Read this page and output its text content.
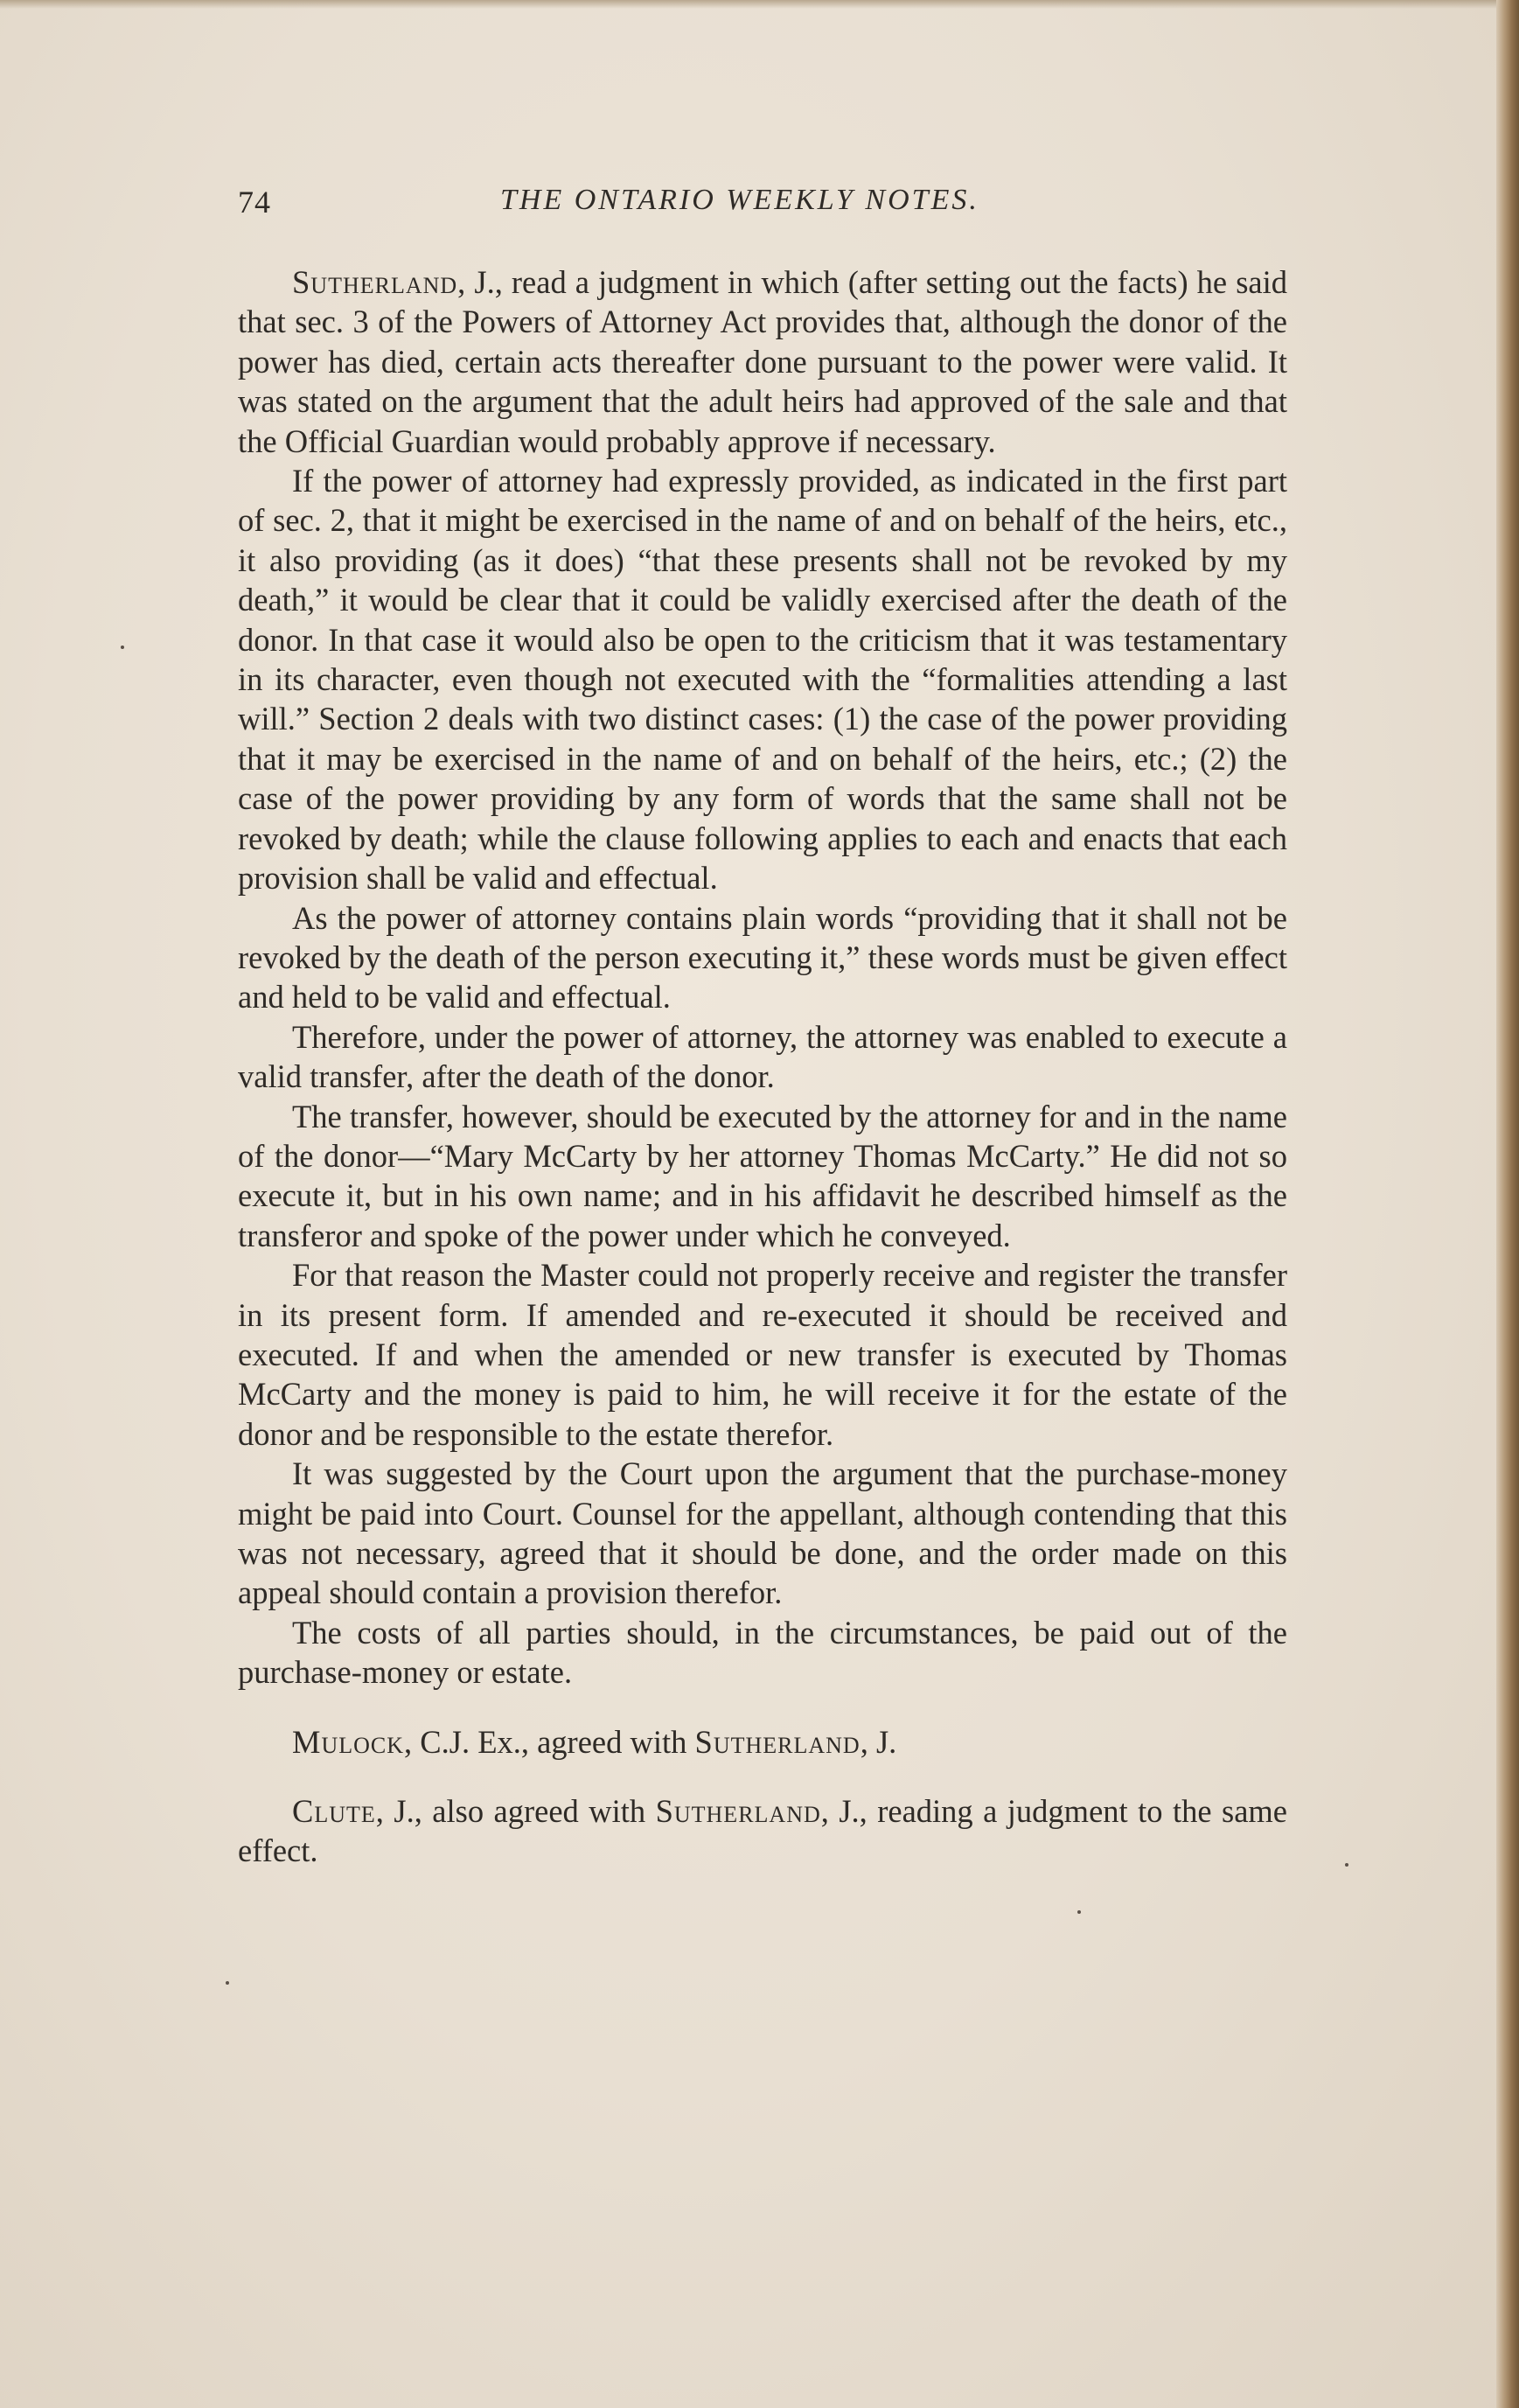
74	THE ONTARIO WEEKLY NOTES.

Sutherland, J., read a judgment in which (after setting out the facts) he said that sec. 3 of the Powers of Attorney Act provides that, although the donor of the power has died, certain acts thereafter done pursuant to the power were valid. It was stated on the argument that the adult heirs had approved of the sale and that the Official Guardian would probably approve if necessary.

If the power of attorney had expressly provided, as indicated in the first part of sec. 2, that it might be exercised in the name of and on behalf of the heirs, etc., it also providing (as it does) “that these presents shall not be revoked by my death,” it would be clear that it could be validly exercised after the death of the donor. In that case it would also be open to the criticism that it was testamentary in its character, even though not executed with the “formalities attending a last will.” Section 2 deals with two distinct cases: (1) the case of the power providing that it may be exercised in the name of and on behalf of the heirs, etc.; (2) the case of the power providing by any form of words that the same shall not be revoked by death; while the clause following applies to each and enacts that each provision shall be valid and effectual.

As the power of attorney contains plain words “providing that it shall not be revoked by the death of the person executing it,” these words must be given effect and held to be valid and effectual.

Therefore, under the power of attorney, the attorney was enabled to execute a valid transfer, after the death of the donor.

The transfer, however, should be executed by the attorney for and in the name of the donor—“Mary McCarty by her attorney Thomas McCarty.” He did not so execute it, but in his own name; and in his affidavit he described himself as the transferor and spoke of the power under which he conveyed.

For that reason the Master could not properly receive and register the transfer in its present form. If amended and re-executed it should be received and executed. If and when the amended or new transfer is executed by Thomas McCarty and the money is paid to him, he will receive it for the estate of the donor and be responsible to the estate therefor.

It was suggested by the Court upon the argument that the purchase-money might be paid into Court. Counsel for the appellant, although contending that this was not necessary, agreed that it should be done, and the order made on this appeal should contain a provision therefor.

The costs of all parties should, in the circumstances, be paid out of the purchase-money or estate.

Mulock, C.J. Ex., agreed with Sutherland, J.

Clute, J., also agreed with Sutherland, J., reading a judgment to the same effect.
